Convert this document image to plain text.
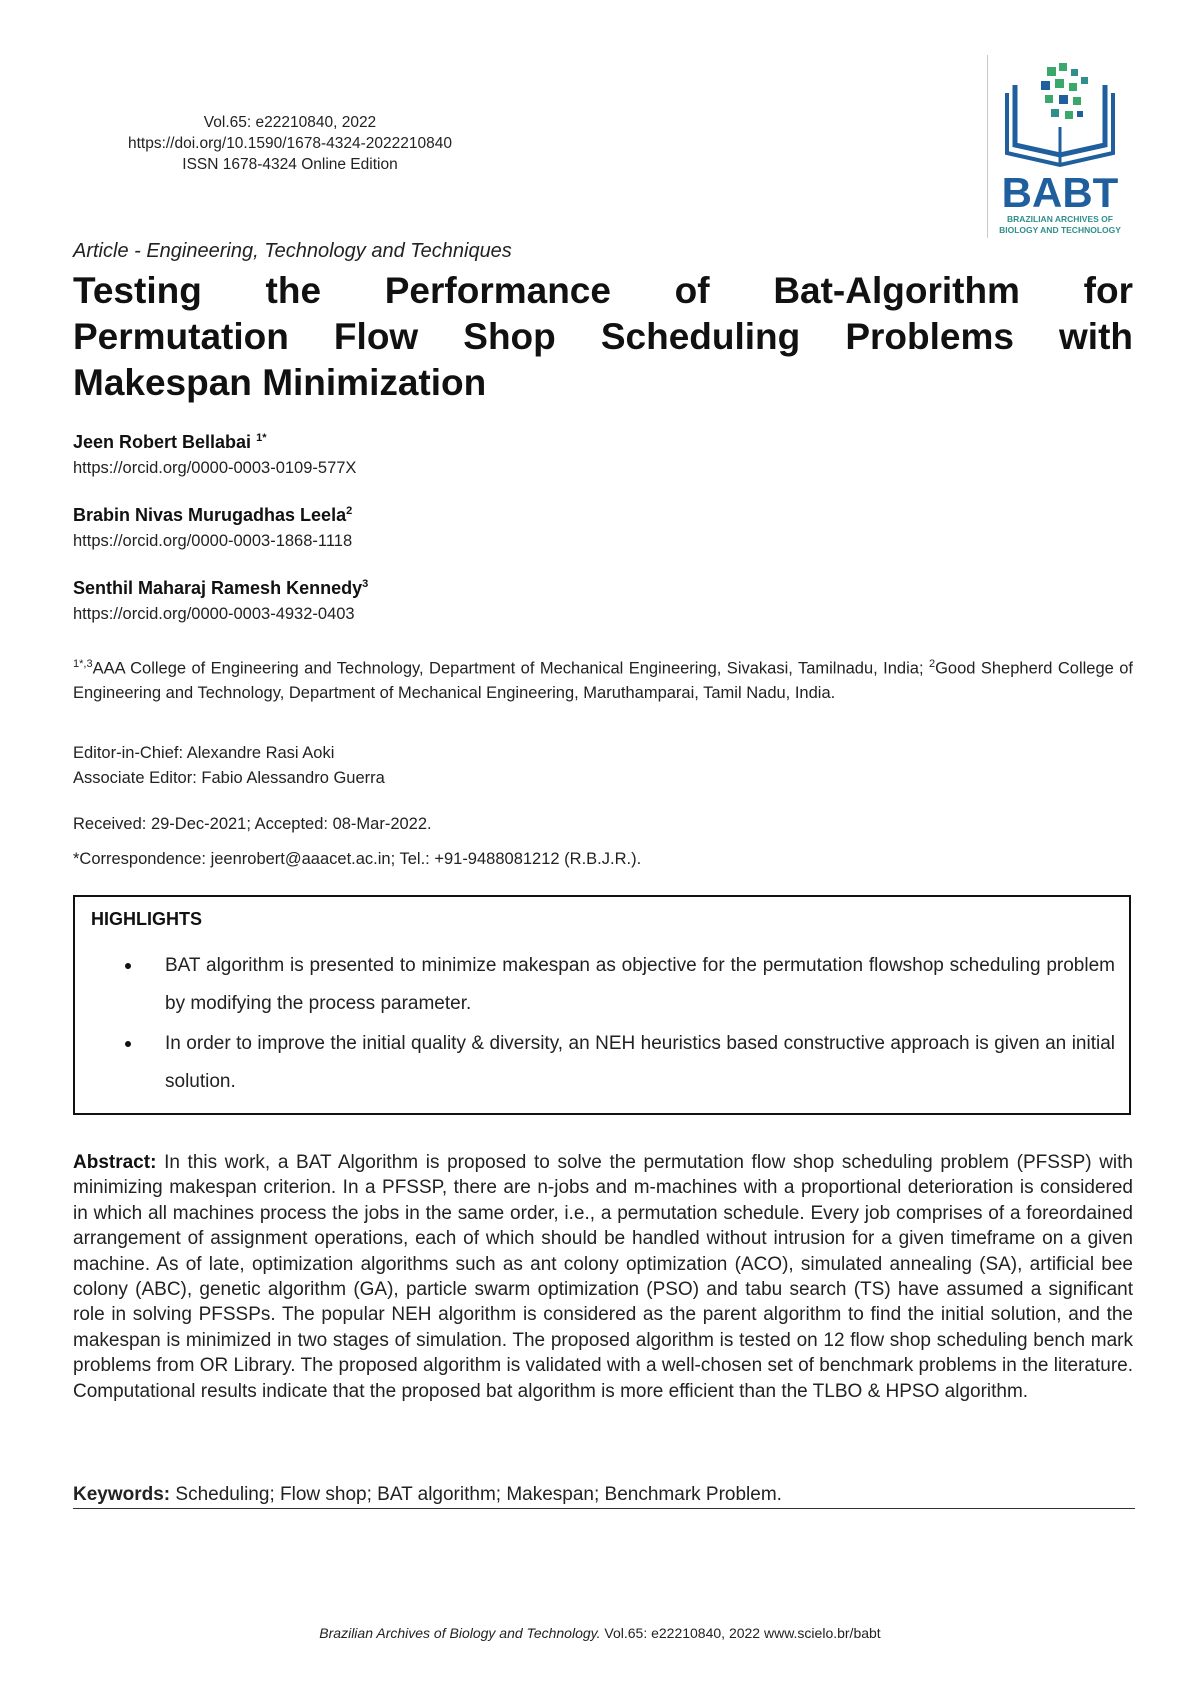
Vol.65: e22210840, 2022
https://doi.org/10.1590/1678-4324-2022210840
ISSN 1678-4324 Online Edition
BABT
BRAZILIAN ARCHIVES OF
BIOLOGY AND TECHNOLOGY
Article - Engineering, Technology and Techniques
Testing the Performance of Bat-Algorithm for
Permutation Flow Shop Scheduling Problems with
Makespan Minimization
Jeen Robert Bellabai $^{1*}$
https://orcid.org/0000-0003-0109-577X
Brabin Nivas Murugadhas Leela$^2$
https://orcid.org/0000-0003-1868-1118
Senthil Maharaj Ramesh Kennedy$^3$
https://orcid.org/0000-0003-4932-0403

$^{1*,3}$AAA College of Engineering and Technology, Department of Mechanical Engineering, Sivakasi, Tamilnadu, India; $^2$Good Shepherd College of Engineering and Technology, Department of Mechanical Engineering, Maruthamparai, Tamil Nadu, India.

Editor-in-Chief: Alexandre Rasi Aoki
Associate Editor: Fabio Alessandro Guerra
Received: 29-Dec-2021; Accepted: 08-Mar-2022.
*Correspondence: jeenrobert@aaacet.ac.in; Tel.: +91-9488081212 (R.B.J.R.).
HIGHLIGHTS
BAT algorithm is presented to minimize makespan as objective for the permutation flowshop scheduling problem by modifying the process parameter.
In order to improve the initial quality & diversity, an NEH heuristics based constructive approach is given an initial solution.
Abstract: In this work, a BAT Algorithm is proposed to solve the permutation flow shop scheduling problem (PFSSP) with minimizing makespan criterion. In a PFSSP, there are n-jobs and m-machines with a proportional deterioration is considered in which all machines process the jobs in the same order, i.e., a permutation schedule. Every job comprises of a foreordained arrangement of assignment operations, each of which should be handled without intrusion for a given timeframe on a given machine. As of late, optimization algorithms such as ant colony optimization (ACO), simulated annealing (SA), artificial bee colony (ABC), genetic algorithm (GA), particle swarm optimization (PSO) and tabu search (TS) have assumed a significant role in solving PFSSPs. The popular NEH algorithm is considered as the parent algorithm to find the initial solution, and the makespan is minimized in two stages of simulation. The proposed algorithm is tested on 12 flow shop scheduling bench mark problems from OR Library. The proposed algorithm is validated with a well-chosen set of benchmark problems in the literature. Computational results indicate that the proposed bat algorithm is more efficient than the TLBO & HPSO algorithm.
Keywords: Scheduling; Flow shop; BAT algorithm; Makespan; Benchmark Problem.
Brazilian Archives of Biology and Technology. Vol.65: e22210840, 2022 www.scielo.br/babt
